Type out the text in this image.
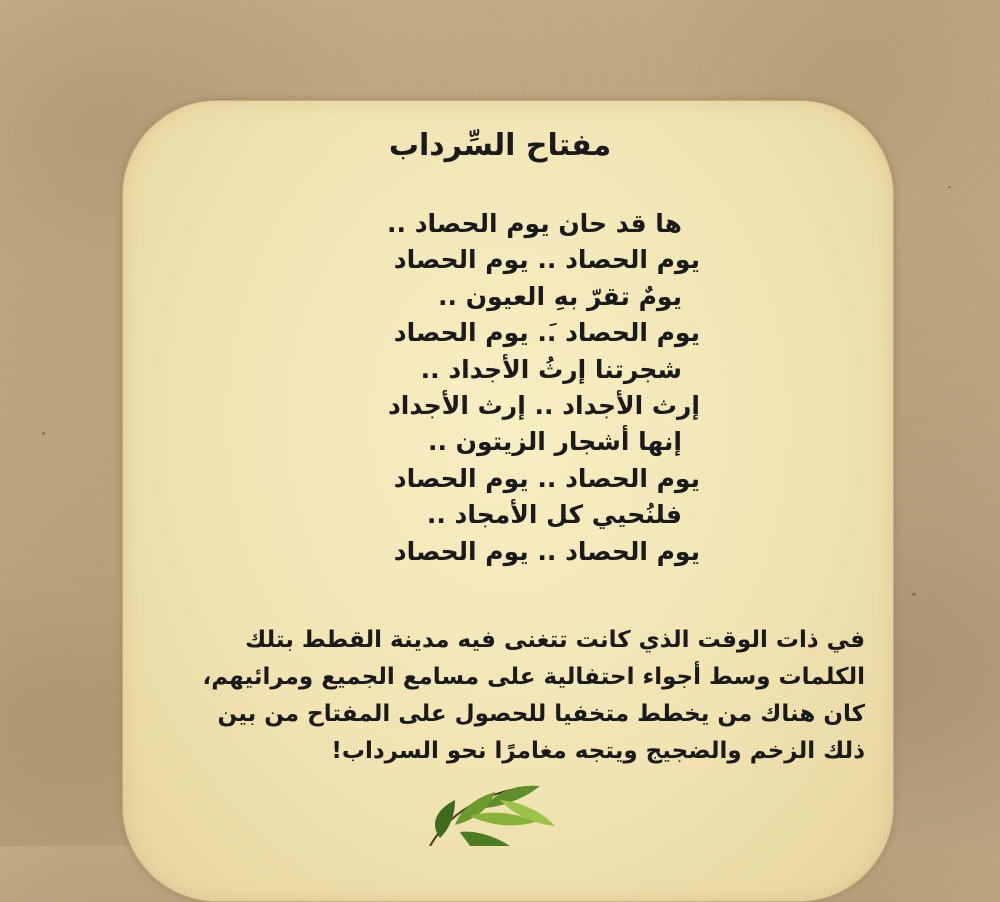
مفتاح السِّرداب
ها قد حان يوم الحصاد ..
يوم الحصاد .. يوم الحصاد
يومٌ تقرّ بهِ العيون ..
يوم الحصاد .َ. يوم الحصاد
شجرتنا إرثُ الأجداد ..
إرث الأجداد .. إرث الأجداد
إنها أشجار الزيتون ..
يوم الحصاد .. يوم الحصاد
فلنُحيي كل الأمجاد ..
يوم الحصاد .. يوم الحصاد
في ذات الوقت الذي كانت تتغنى فيه مدينة القطط بتلك
الكلمات وسط أجواء احتفالية على مسامع الجميع ومرائيهم،
كان هناك من يخطط متخفيا للحصول على المفتاح من بين
ذلك الزخم والضجيج ويتجه مغامرًا نحو السرداب!
